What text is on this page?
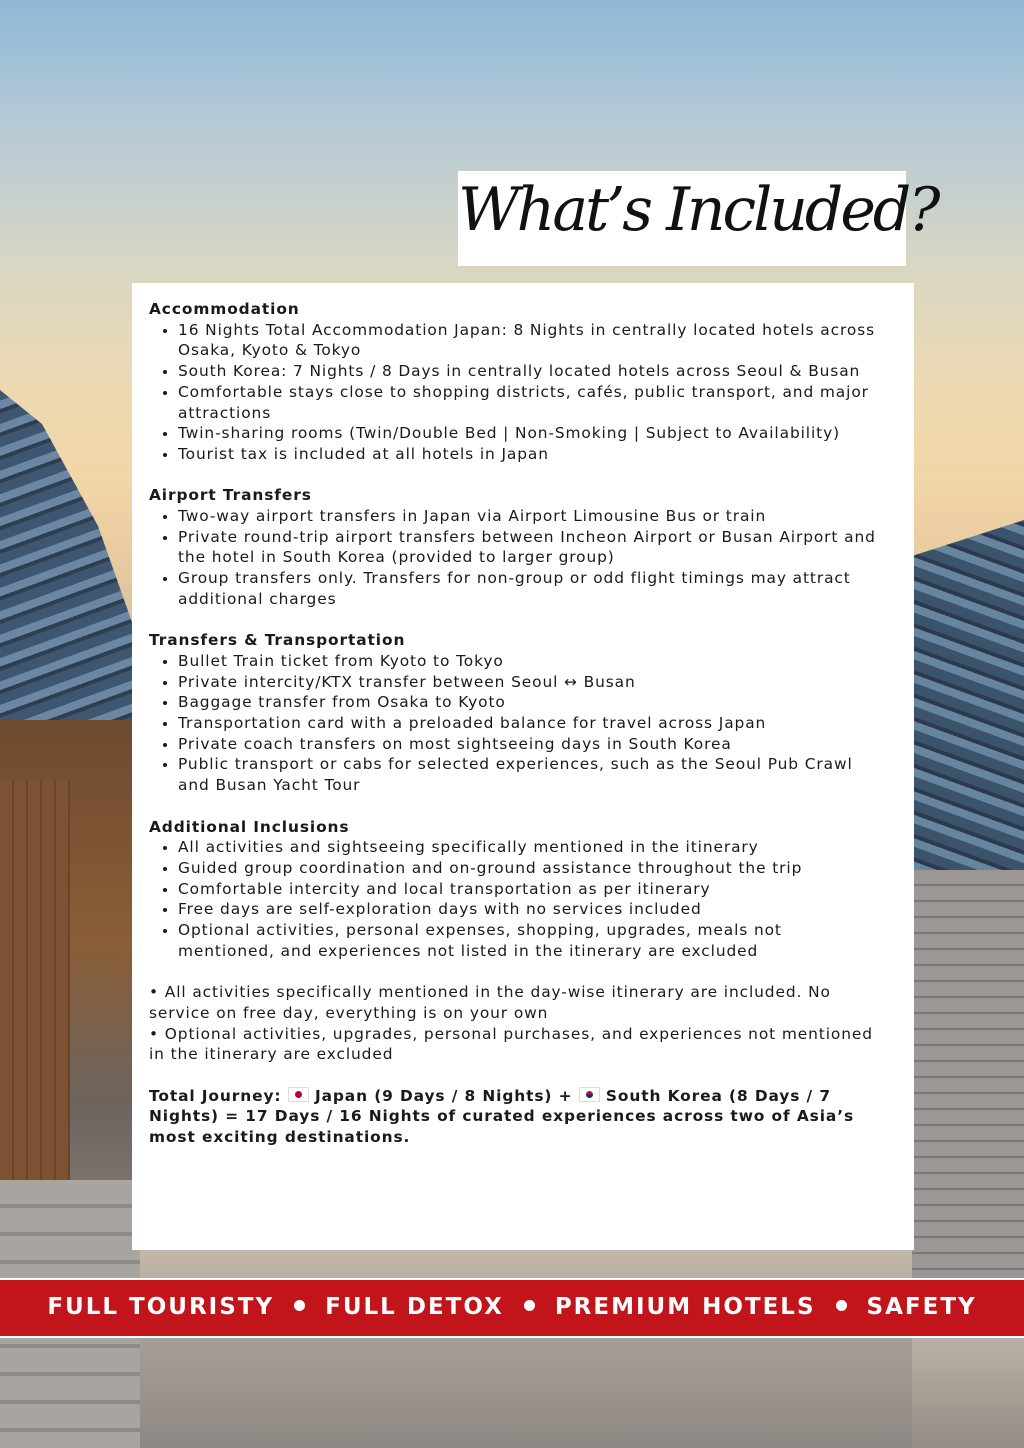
What’s Included?
Accommodation
16 Nights Total Accommodation Japan: 8 Nights in centrally located hotels across Osaka, Kyoto & Tokyo
South Korea: 7 Nights / 8 Days in centrally located hotels across Seoul & Busan
Comfortable stays close to shopping districts, cafés, public transport, and major attractions
Twin-sharing rooms (Twin/Double Bed | Non-Smoking | Subject to Availability)
Tourist tax is included at all hotels in Japan
Airport Transfers
Two-way airport transfers in Japan via Airport Limousine Bus or train
Private round-trip airport transfers between Incheon Airport or Busan Airport and the hotel in South Korea (provided to larger group)
Group transfers only. Transfers for non-group or odd flight timings may attract additional charges
Transfers & Transportation
Bullet Train ticket from Kyoto to Tokyo
Private intercity/KTX transfer between Seoul ↔ Busan
Baggage transfer from Osaka to Kyoto
Transportation card with a preloaded balance for travel across Japan
Private coach transfers on most sightseeing days in South Korea
Public transport or cabs for selected experiences, such as the Seoul Pub Crawl and Busan Yacht Tour
Additional Inclusions
All activities and sightseeing specifically mentioned in the itinerary
Guided group coordination and on-ground assistance throughout the trip
Comfortable intercity and local transportation as per itinerary
Free days are self-exploration days with no services included
Optional activities, personal expenses, shopping, upgrades, meals not mentioned, and experiences not listed in the itinerary are excluded

• All activities specifically mentioned in the day-wise itinerary are included. No service on free day, everything is on your own

• Optional activities, upgrades, personal purchases, and experiences not mentioned in the itinerary are excluded

Total Journey:  Japan (9 Days / 8 Nights) +  South Korea (8 Days / 7 Nights) = 17 Days / 16 Nights of curated experiences across two of Asia’s most exciting destinations.
FULL TOURISTY FULL DETOX PREMIUM HOTELS SAFETY
